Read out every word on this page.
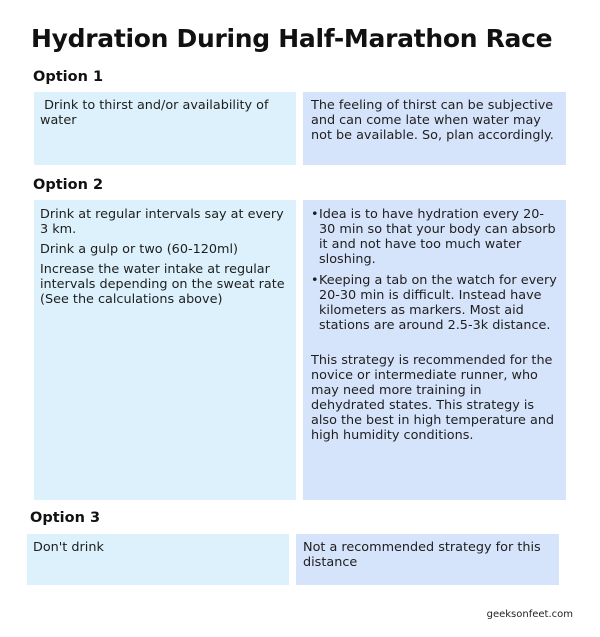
Hydration During Half-Marathon Race
Option 1

Drink to thirst and/or availability of water

The feeling of thirst can be subjective and can come late when water may not be available. So, plan accordingly.

Option 2

Drink at regular intervals say at every 3 km.

Drink a gulp or two (60-120ml)

Increase the water intake at regular intervals depending on the sweat rate (See the calculations above)

• Idea is to have hydration every 20-30 min so that your body can absorb it and not have too much water sloshing.
• Keeping a tab on the watch for every 20-30 min is difficult. Instead have kilometers as markers. Most aid stations are around 2.5-3k distance.

This strategy is recommended for the novice or intermediate runner, who may need more training in dehydrated states. This strategy is also the best in high temperature and high humidity conditions.

Option 3

Don't drink	Not a recommended strategy for this distance

geeksonfeet.com
